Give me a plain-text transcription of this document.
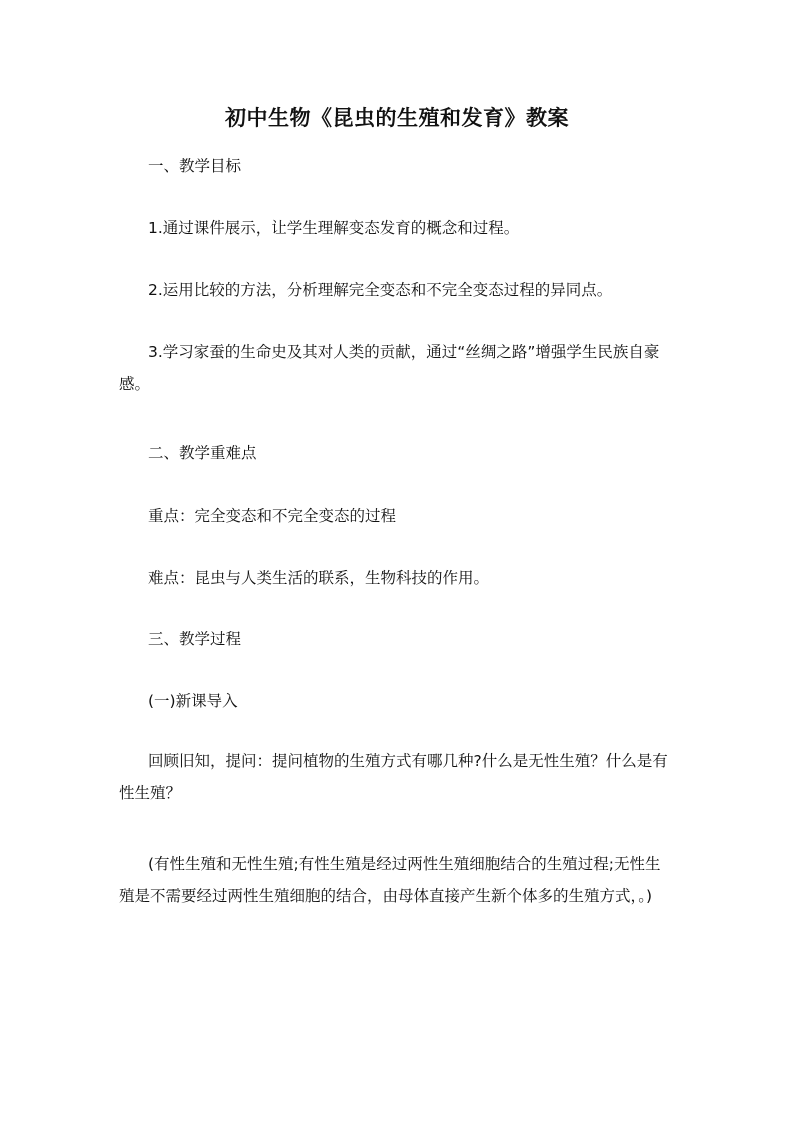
初中生物《昆虫的生殖和发育》教案
一、教学目标
1.通过课件展示，让学生理解变态发育的概念和过程。
2.运用比较的方法，分析理解完全变态和不完全变态过程的异同点。
3.学习家蚕的生命史及其对人类的贡献，通过“丝绸之路”增强学生民族自豪感。
二、教学重难点
重点：完全变态和不完全变态的过程
难点：昆虫与人类生活的联系，生物科技的作用。
三、教学过程
(一)新课导入
回顾旧知，提问：提问植物的生殖方式有哪几种?什么是无性生殖？什么是有性生殖？
(有性生殖和无性生殖;有性生殖是经过两性生殖细胞结合的生殖过程;无性生殖是不需要经过两性生殖细胞的结合，由母体直接产生新个体多的生殖方式，。)
